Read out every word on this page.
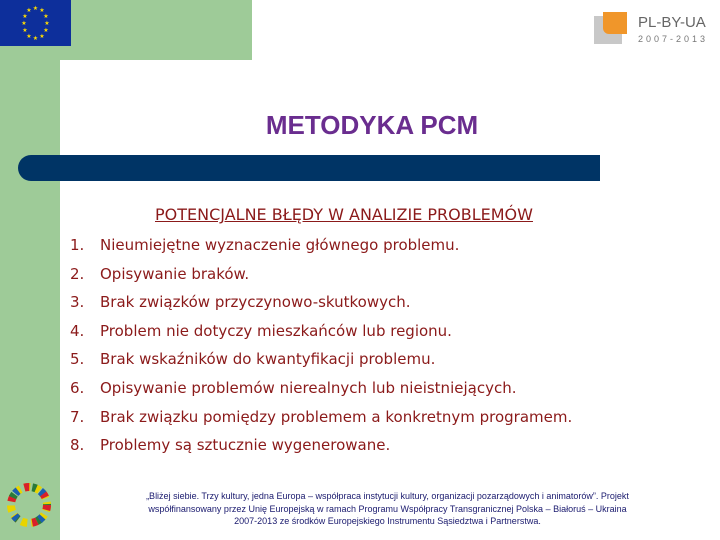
★ ★
★
★
★
★
★
★
★
★
★
★
PL-BY-UA
2007-2013
METODYKA PCM
POTENCJALNE BŁĘDY W ANALIZIE PROBLEMÓW
1.	Nieumiejętne wyznaczenie głównego problemu.
2.	Opisywanie braków.
3.	Brak związków przyczynowo-skutkowych.
4.	Problem nie dotyczy mieszkańców lub regionu.
5.	Brak wskaźników do kwantyfikacji problemu.
6.	Opisywanie problemów nierealnych lub nieistniejących.
7.	Brak związku pomiędzy problemem a konkretnym programem.
8.	Problemy są sztucznie wygenerowane.
„Bliżej siebie. Trzy kultury, jedna Europa – współpraca instytucji kultury, organizacji pozarządowych i animatorów”. Projekt
współfinansowany przez Unię Europejską w ramach Programu Współpracy Transgranicznej Polska – Białoruś – Ukraina
2007-2013 ze środków Europejskiego Instrumentu Sąsiedztwa i Partnerstwa.
